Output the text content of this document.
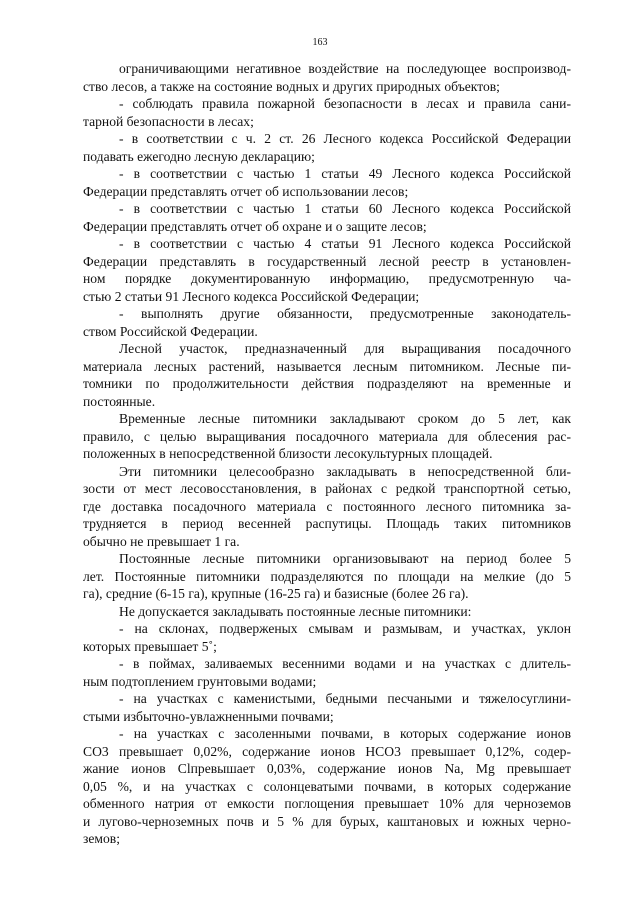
163
ограничивающими негативное воздействие на последующее воспроизвод-
ство лесов, а также на состояние водных и других природных объектов;
- соблюдать правила пожарной безопасности в лесах и правила сани-
тарной безопасности в лесах;
- в соответствии с ч. 2 ст. 26 Лесного кодекса Российской Федерации
подавать ежегодно лесную декларацию;
- в соответствии с частью 1 статьи 49 Лесного кодекса Российской
Федерации представлять отчет об использовании лесов;
- в соответствии с частью 1 статьи 60 Лесного кодекса Российской
Федерации представлять отчет об охране и о защите лесов;
- в соответствии с частью 4 статьи 91 Лесного кодекса Российской
Федерации представлять в государственный лесной реестр в установлен-
ном порядке документированную информацию, предусмотренную ча-
стью 2 статьи 91 Лесного кодекса Российской Федерации;
- выполнять другие обязанности, предусмотренные законодатель-
ством Российской Федерации.
Лесной участок, предназначенный для выращивания посадочного
материала лесных растений, называется лесным питомником. Лесные пи-
томники по продолжительности действия подразделяют на временные и
постоянные.
Временные лесные питомники закладывают сроком до 5 лет, как
правило, с целью выращивания посадочного материала для облесения рас-
положенных в непосредственной близости лесокультурных площадей.
Эти питомники целесообразно закладывать в непосредственной бли-
зости от мест лесовосстановления, в районах с редкой транспортной сетью,
где доставка посадочного материала с постоянного лесного питомника за-
трудняется в период весенней распутицы. Площадь таких питомников
обычно не превышает 1 га.
Постоянные лесные питомники организовывают на период более 5
лет. Постоянные питомники подразделяются по площади на мелкие (до 5
га), средние (6-15 га), крупные (16-25 га) и базисные (более 26 га).
Не допускается закладывать постоянные лесные питомники:
- на склонах, подверженых смывам и размывам, и участках, уклон
которых превышает 5˚;
- в поймах, заливаемых весенними водами и на участках с длитель-
ным подтоплением грунтовыми водами;
- на участках с каменистыми, бедными песчаными и тяжелосуглини-
стыми избыточно-увлажненными почвами;
- на участках с засоленными почвами, в которых содержание ионов
СО3 превышает 0,02%, содержание ионов НСО3 превышает 0,12%, содер-
жание ионов Clпревышает 0,03%, содержание ионов Na, Mg превышает
0,05 %, и на участках с солонцеватыми почвами, в которых содержание
обменного натрия от емкости поглощения превышает 10% для черноземов
и лугово-черноземных почв и 5 % для бурых, каштановых и южных черно-
земов;
